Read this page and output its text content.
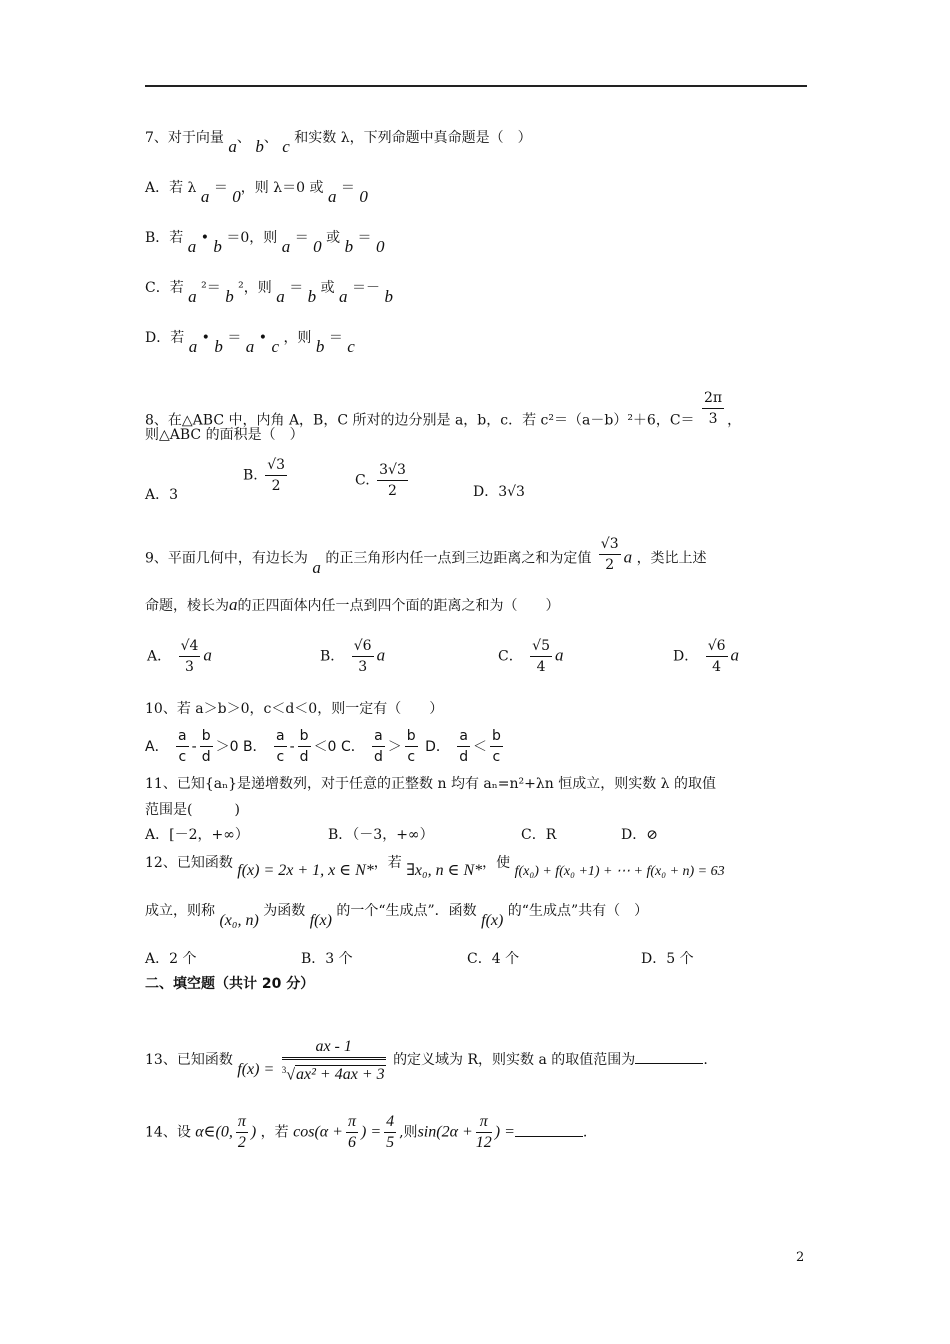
7、对于向量 a、 b、 c 和实数 λ，下列命题中真命题是（　）
A．若 λ a ＝ 0，则 λ＝0 或 a ＝ 0
B．若 a • b ＝0，则 a ＝ 0 或 b ＝ 0
C．若 a ²＝ b ²，则 a ＝ b 或 a ＝－ b
D．若 a • b ＝ a • c ，则 b ＝ c
8、在△ABC 中，内角 A，B，C 所对的边分别是 a，b，c．若 c²＝（a－b）²＋6，$C= \frac{2\pi}{3}$ ，
则△ABC 的面积是（　）
A．3
B. $\frac{√3}{2}$	C. $\frac{3√3}{2}$	D．3√3
9、平面几何中，有边长为 a 的正三角形内任一点到三边距离之和为定值 $\frac{√3}{2}$ a ，类比上述
命题，棱长为a的正四面体内任一点到四个面的距离之和为（　　）
A． $\frac{√4}{3}$ a	B． $\frac{√6}{3}$ a	C． $\frac{√5}{4}$ a	D． $\frac{√6}{4}$ a
10、若 a＞b＞0，c＜d＜0，则一定有（　　）
A． $\frac{a}{c} - \frac{b}{d} >0$ B． $\frac{a}{c} - \frac{b}{d} <0$ C． $\frac{a}{d} > \frac{b}{c}$ D． $\frac{a}{d} < \frac{b}{c}$
11、已知{aₙ}是递增数列，对于任意的正整数 n 均有 aₙ=n²+λn 恒成立，则实数 λ 的取值
范围是(　　　)
A．[－2，+∞）	B．（－3，+∞）	C．R	D．⊘
12、已知函数 f(x) = 2x + 1, x ∈ N*，若 ∃x₀, n ∈ N*，使 f(x₀) + f(x₀ +1) + ⋯ + f(x₀ + n) = 63
成立，则称 (x₀, n) 为函数 f(x) 的一个“生成点”．函数 f(x) 的“生成点”共有（　）
A．2 个	B．3 个	C．4 个	D．5 个
二、填空题（共计 20 分）
13、已知函数 $f(x) = \frac{ax - 1}{^3√ax^2 + 4ax + 3}$ 的定义域为 R，则实数 a 的取值范围为	.
14、设 α∈(0, $\frac{\pi}{2}$ ) ，若 $\cos(\alpha + \frac{\pi}{6}$ ) = $\frac{4}{5}$ ,则$\sin(2\alpha + \frac{\pi}{12}$ ) =	.
2
